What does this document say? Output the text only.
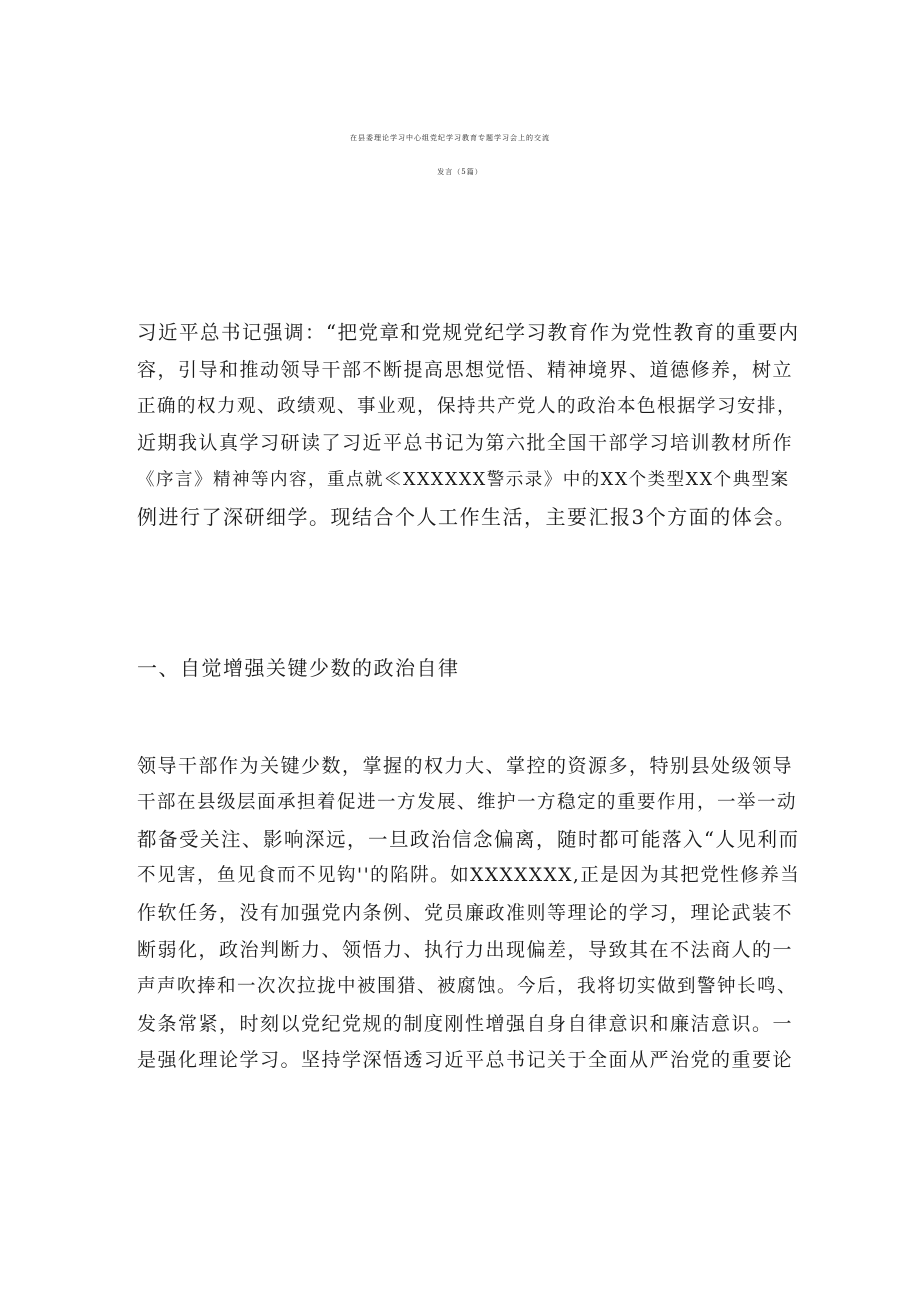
在县委理论学习中心组党纪学习教育专题学习会上的交流
发言（5篇）
习近平总书记强调：“把党章和党规党纪学习教育作为党性教育的重要内
容，引导和推动领导干部不断提高思想觉悟、精神境界、道德修养，树立
正确的权力观、政绩观、事业观，保持共产党人的政治本色根据学习安排，
近期我认真学习研读了习近平总书记为第六批全国干部学习培训教材所作
《序言》精神等内容，重点就≪XXXXXX警示录》中的XX个类型XX个典型案
例进行了深研细学。现结合个人工作生活，主要汇报3个方面的体会。
一、自觉增强关键少数的政治自律
领导干部作为关键少数，掌握的权力大、掌控的资源多，特别县处级领导
干部在县级层面承担着促进一方发展、维护一方稳定的重要作用，一举一动
都备受关注、影响深远，一旦政治信念偏离，随时都可能落入“人见利而
不见害，鱼见食而不见钩''的陷阱。如XXXXXXX,正是因为其把党性修养当
作软任务，没有加强党内条例、党员廉政准则等理论的学习，理论武装不
断弱化，政治判断力、领悟力、执行力出现偏差，导致其在不法商人的一
声声吹捧和一次次拉拢中被围猎、被腐蚀。今后，我将切实做到警钟长鸣、
发条常紧，时刻以党纪党规的制度刚性增强自身自律意识和廉洁意识。一
是强化理论学习。坚持学深悟透习近平总书记关于全面从严治党的重要论
